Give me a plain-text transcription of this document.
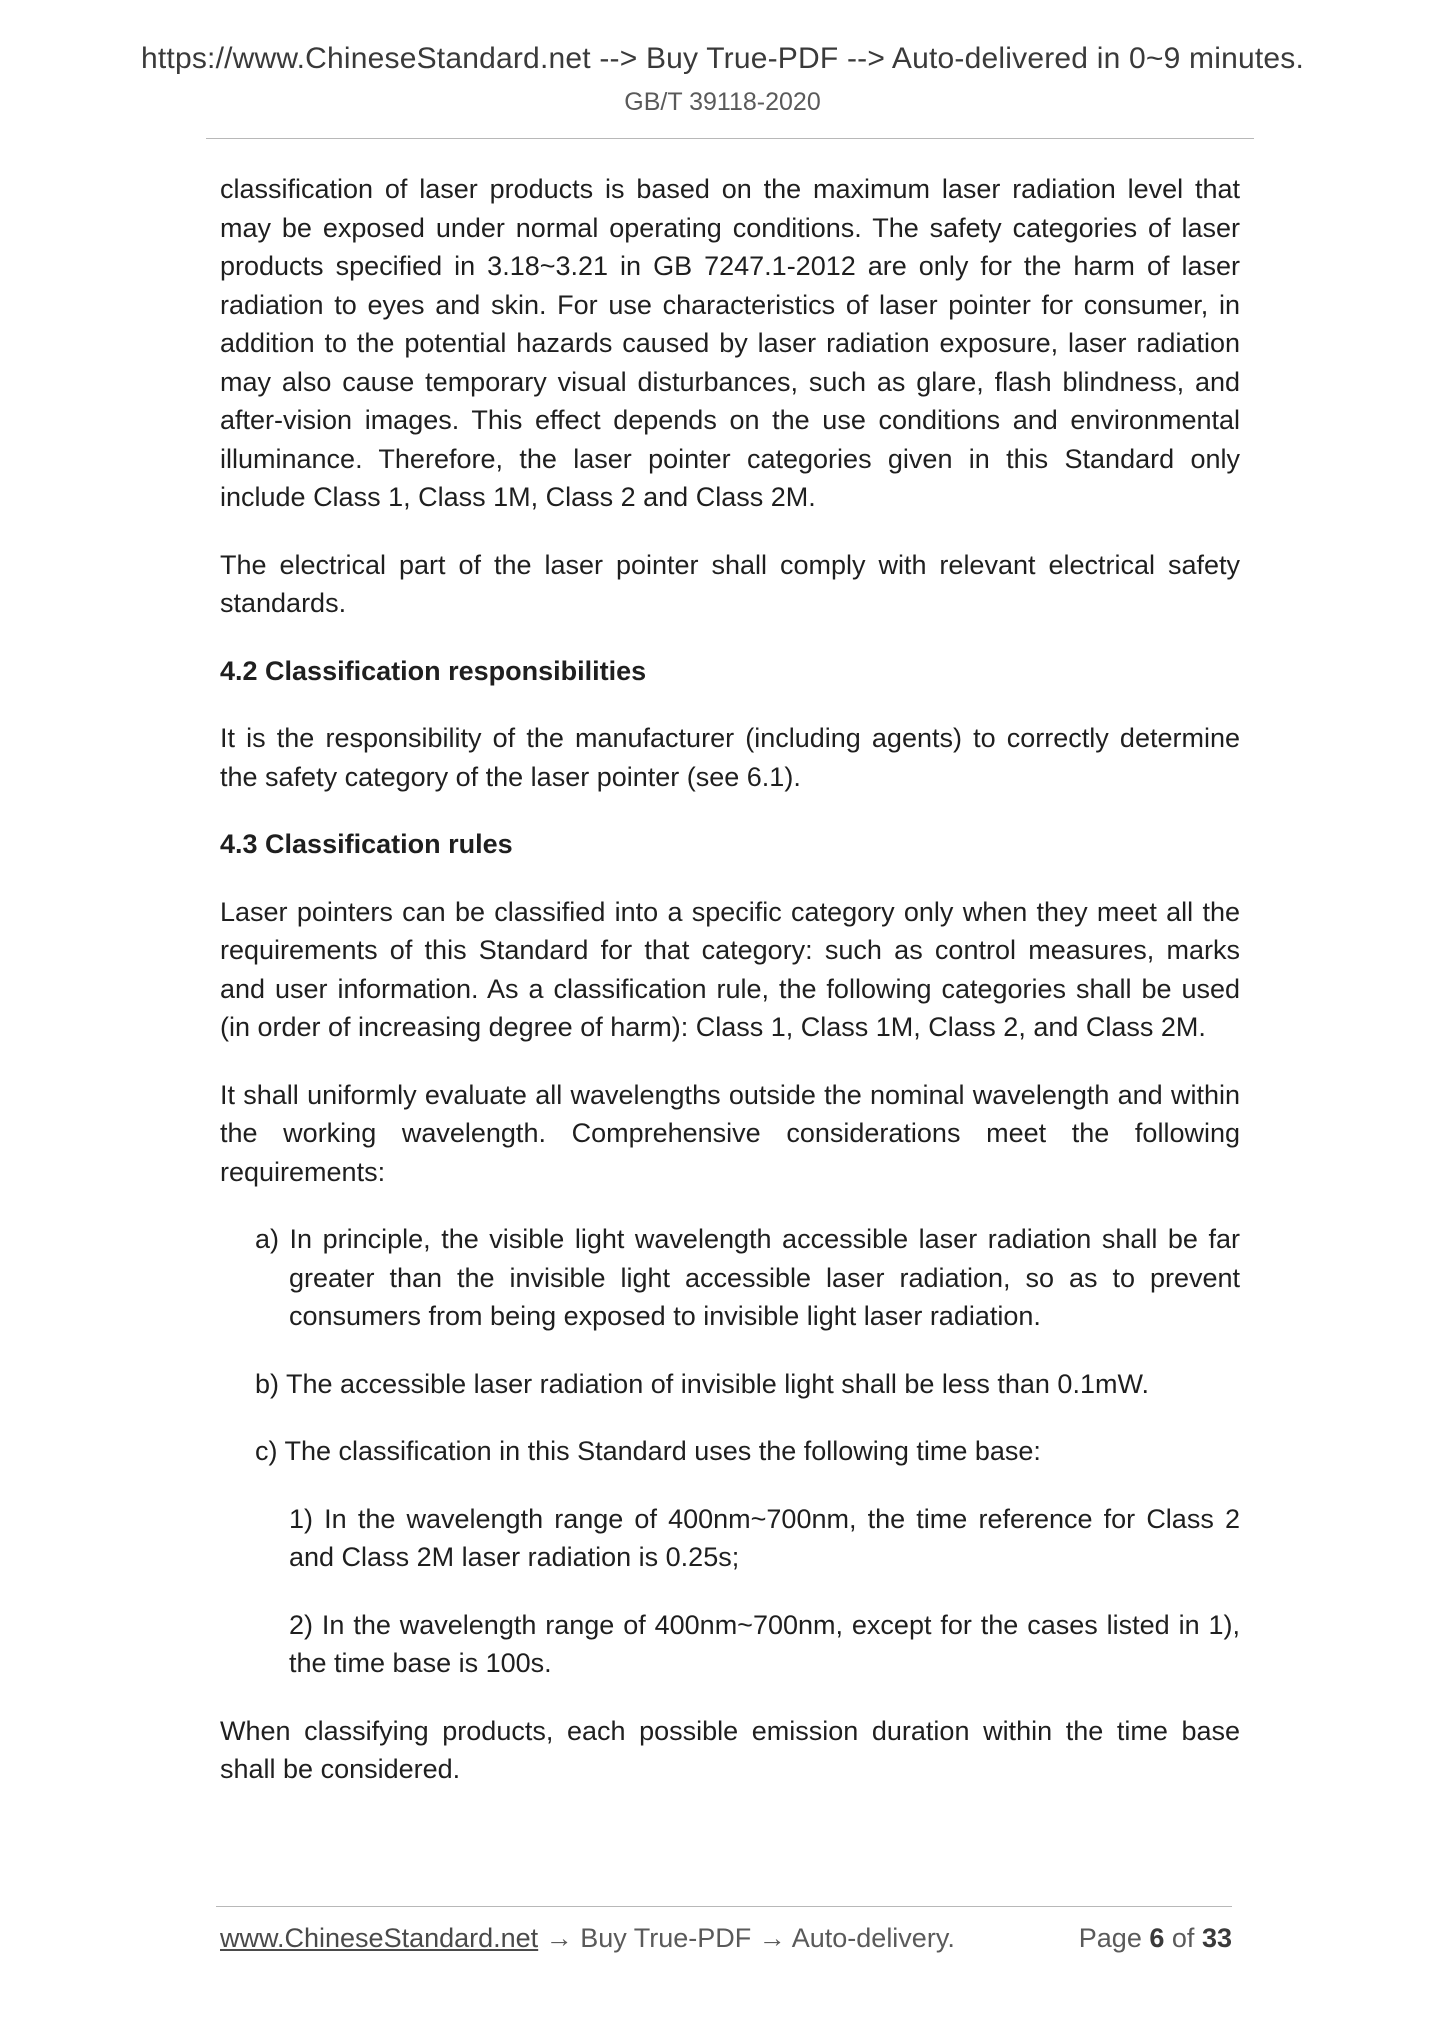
https://www.ChineseStandard.net --> Buy True-PDF --> Auto-delivered in 0~9 minutes.
GB/T 39118-2020

classification of laser products is based on the maximum laser radiation level that may be exposed under normal operating conditions. The safety categories of laser products specified in 3.18~3.21 in GB 7247.1-2012 are only for the harm of laser radiation to eyes and skin. For use characteristics of laser pointer for consumer, in addition to the potential hazards caused by laser radiation exposure, laser radiation may also cause temporary visual disturbances, such as glare, flash blindness, and after-vision images. This effect depends on the use conditions and environmental illuminance. Therefore, the laser pointer categories given in this Standard only include Class 1, Class 1M, Class 2 and Class 2M.

The electrical part of the laser pointer shall comply with relevant electrical safety standards.

4.2 Classification responsibilities

It is the responsibility of the manufacturer (including agents) to correctly determine the safety category of the laser pointer (see 6.1).

4.3 Classification rules

Laser pointers can be classified into a specific category only when they meet all the requirements of this Standard for that category: such as control measures, marks and user information. As a classification rule, the following categories shall be used (in order of increasing degree of harm): Class 1, Class 1M, Class 2, and Class 2M.

It shall uniformly evaluate all wavelengths outside the nominal wavelength and within the working wavelength. Comprehensive considerations meet the following requirements:

a) In principle, the visible light wavelength accessible laser radiation shall be far greater than the invisible light accessible laser radiation, so as to prevent consumers from being exposed to invisible light laser radiation.

b) The accessible laser radiation of invisible light shall be less than 0.1mW.

c) The classification in this Standard uses the following time base:

1) In the wavelength range of 400nm~700nm, the time reference for Class 2 and Class 2M laser radiation is 0.25s;

2) In the wavelength range of 400nm~700nm, except for the cases listed in 1), the time base is 100s.

When classifying products, each possible emission duration within the time base shall be considered.

www.ChineseStandard.net → Buy True-PDF → Auto-delivery.	Page 6 of 33
